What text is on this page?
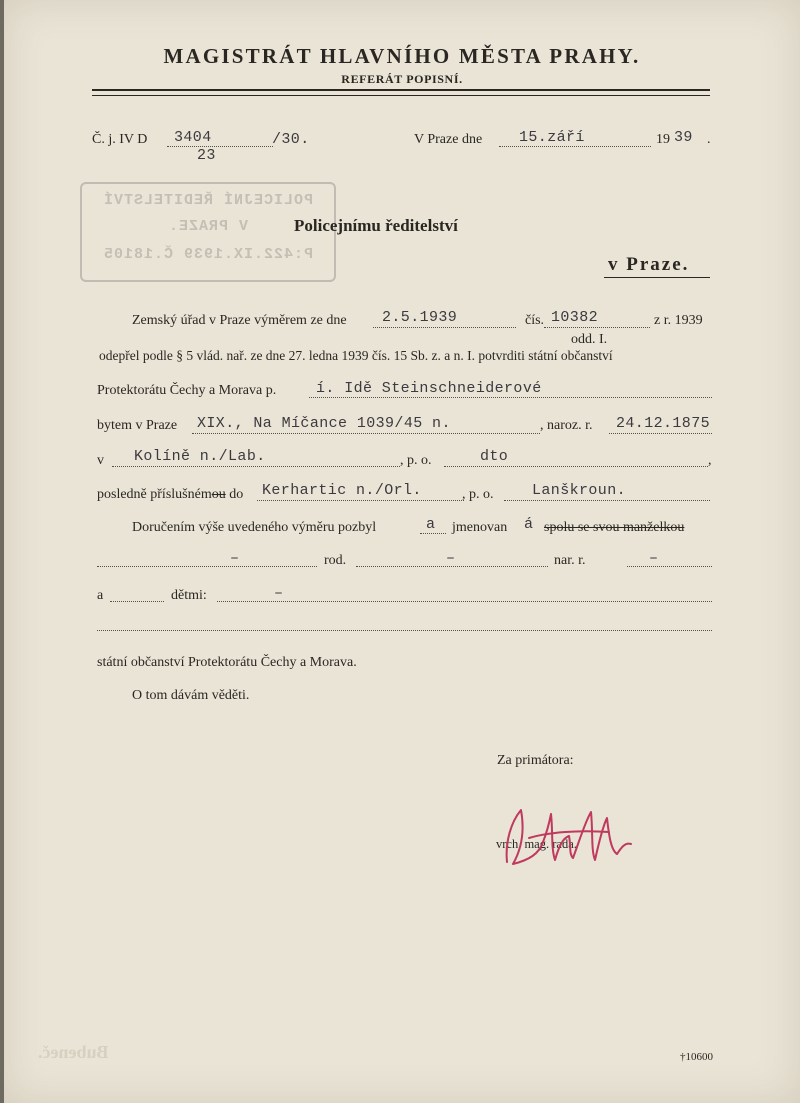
MAGISTRÁT HLAVNÍHO MĚSTA PRAHY.
REFERÁT POPISNÍ.
Č. j. IV D 3404
23
/30.	V Praze dne 15.září	19 39 .
POLICEJNÍ ŘEDITELSTVÍ
V PRAZE.
P:422.IX.1939 Č.18105
Policejnímu ředitelství
v Praze.
Zemský úřad v Praze výměrem ze dne 2.5.1939	čís. 10382	z r. 1939
odd. I.
odepřel podle § 5 vlád. nař. ze dne 27. ledna 1939 čís. 15 Sb. z. a n. I. potvrditi státní občanství
Protektorátu Čechy a Morava p.	í. Idě Steinschneiderové
bytem v Praze XIX., Na Míčance 1039/45 n.	, naroz. r. 24.12.1875
v Kolíně n./Lab.	, p. o.	dto	,
posledně příslušnémou do Kerhartic n./Orl.	, p. o.	Lanškroun.
Doručením výše uvedeného výměru pozbyl	a jmenovan á spolu se svou manželkou
–	rod.	–	nar. r.	–
a	dětmi:	–
státní občanství Protektorátu Čechy a Morava.
O tom dávám věděti.
Za primátora:
vrch. mag. rada.
Bubeneč.	†10600
